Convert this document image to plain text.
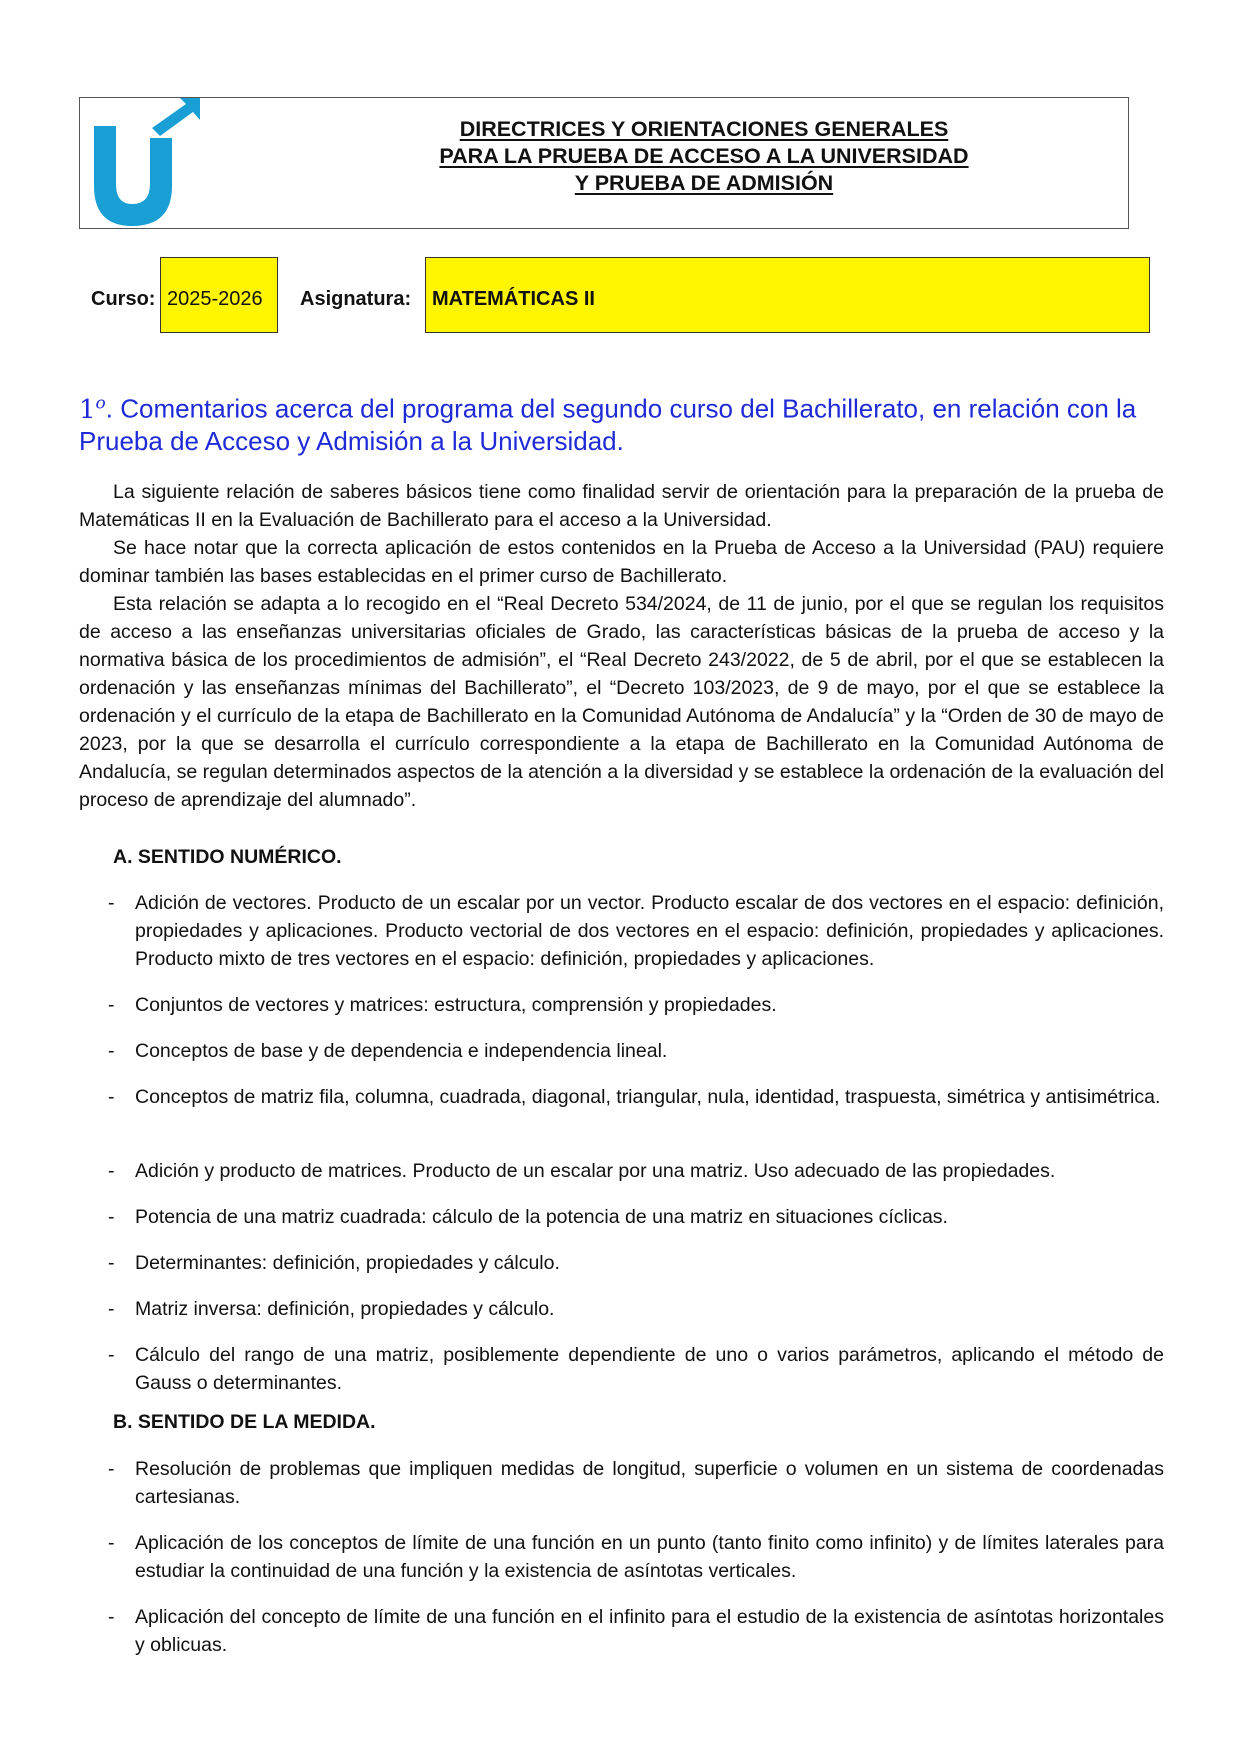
DIRECTRICES Y ORIENTACIONES GENERALES
PARA LA PRUEBA DE ACCESO A LA UNIVERSIDAD
Y PRUEBA DE ADMISIÓN
Curso: 2025-2026 Asignatura: MATEMÁTICAS II
1$^o$. Comentarios acerca del programa del segundo curso del Bachillerato, en relación con la Prueba de Acceso y Admisión a la Universidad.

La siguiente relación de saberes básicos tiene como finalidad servir de orientación para la preparación de la prueba de Matemáticas II en la Evaluación de Bachillerato para el acceso a la Universidad.

Se hace notar que la correcta aplicación de estos contenidos en la Prueba de Acceso a la Universidad (PAU) requiere dominar también las bases establecidas en el primer curso de Bachillerato.

Esta relación se adapta a lo recogido en el “Real Decreto 534/2024, de 11 de junio, por el que se regulan los requisitos de acceso a las enseñanzas universitarias oficiales de Grado, las características básicas de la prueba de acceso y la normativa básica de los procedimientos de admisión”, el “Real Decreto 243/2022, de 5 de abril, por el que se establecen la ordenación y las enseñanzas mínimas del Bachillerato”, el “Decreto 103/2023, de 9 de mayo, por el que se establece la ordenación y el currículo de la etapa de Bachillerato en la Comunidad Autónoma de Andalucía” y la “Orden de 30 de mayo de 2023, por la que se desarrolla el currículo correspondiente a la etapa de Bachillerato en la Comunidad Autónoma de Andalucía, se regulan determinados aspectos de la atención a la diversidad y se establece la ordenación de la evaluación del proceso de aprendizaje del alumnado”.

A. SENTIDO NUMÉRICO.
- Adición de vectores. Producto de un escalar por un vector. Producto escalar de dos vectores en el espacio: definición, propiedades y aplicaciones. Producto vectorial de dos vectores en el espacio: definición, propiedades y aplicaciones. Producto mixto de tres vectores en el espacio: definición, propiedades y aplicaciones.
- Conjuntos de vectores y matrices: estructura, comprensión y propiedades.
- Conceptos de base y de dependencia e independencia lineal.
- Conceptos de matriz fila, columna, cuadrada, diagonal, triangular, nula, identidad, traspuesta, simétrica y antisimétrica.
- Adición y producto de matrices. Producto de un escalar por una matriz. Uso adecuado de las propiedades.
- Potencia de una matriz cuadrada: cálculo de la potencia de una matriz en situaciones cíclicas.
- Determinantes: definición, propiedades y cálculo.
- Matriz inversa: definición, propiedades y cálculo.
- Cálculo del rango de una matriz, posiblemente dependiente de uno o varios parámetros, aplicando el método de Gauss o determinantes.
B. SENTIDO DE LA MEDIDA.
- Resolución de problemas que impliquen medidas de longitud, superficie o volumen en un sistema de coordenadas cartesianas.
- Aplicación de los conceptos de límite de una función en un punto (tanto finito como infinito) y de límites laterales para estudiar la continuidad de una función y la existencia de asíntotas verticales.
- Aplicación del concepto de límite de una función en el infinito para el estudio de la existencia de asíntotas horizontales y oblicuas.
